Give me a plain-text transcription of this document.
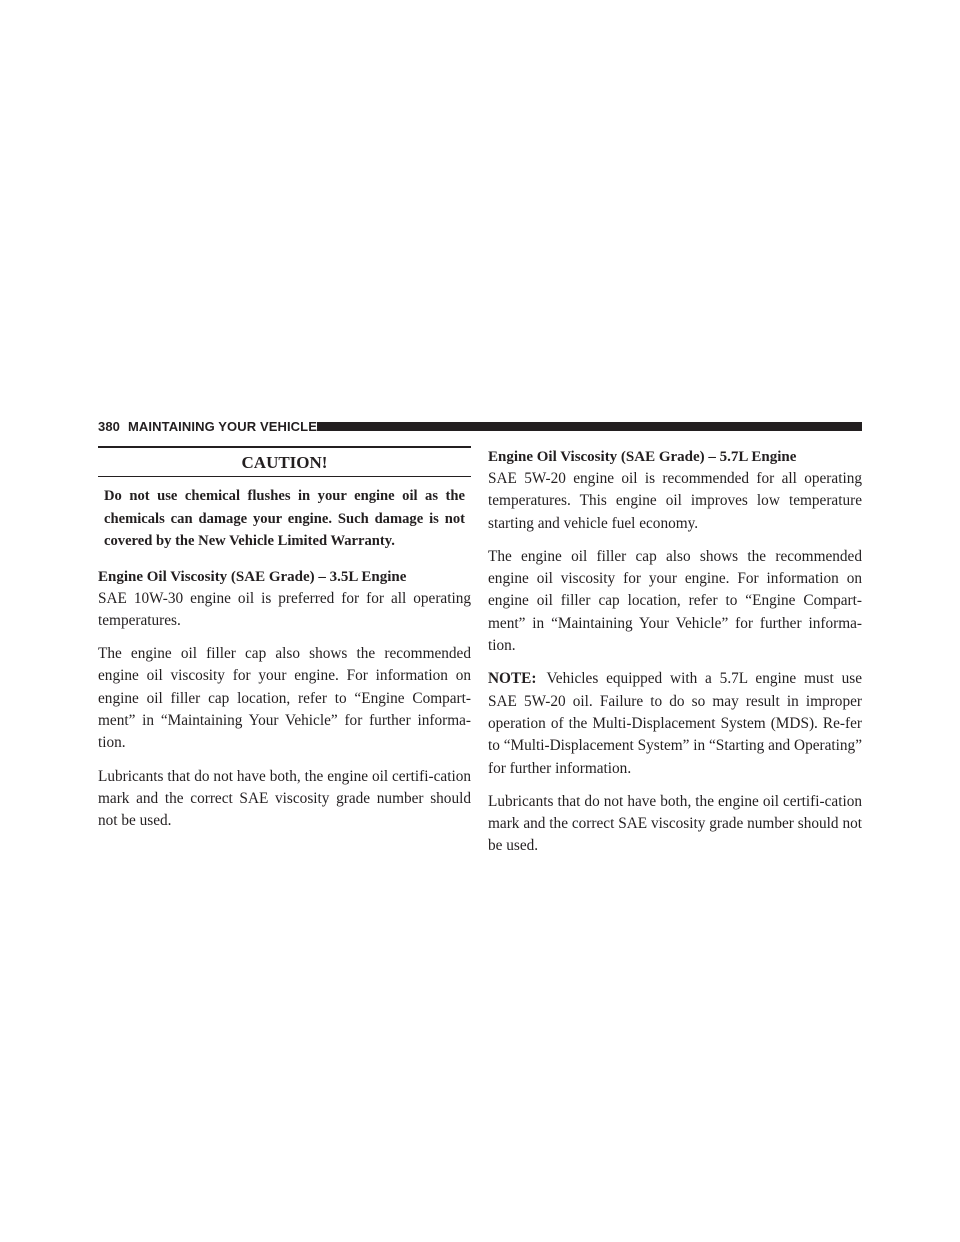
380 MAINTAINING YOUR VEHICLE
CAUTION!
Do not use chemical flushes in your engine oil as the chemicals can damage your engine. Such damage is not covered by the New Vehicle Limited Warranty.
Engine Oil Viscosity (SAE Grade) – 3.5L Engine

SAE 10W-30 engine oil is preferred for for all operating temperatures.

The engine oil filler cap also shows the recommended engine oil viscosity for your engine. For information on engine oil filler cap location, refer to “Engine Compart-ment” in “Maintaining Your Vehicle” for further informa-tion.

Lubricants that do not have both, the engine oil certifi-cation mark and the correct SAE viscosity grade number should not be used.

Engine Oil Viscosity (SAE Grade) – 5.7L Engine

SAE 5W-20 engine oil is recommended for all operating temperatures. This engine oil improves low temperature starting and vehicle fuel economy.

The engine oil filler cap also shows the recommended engine oil viscosity for your engine. For information on engine oil filler cap location, refer to “Engine Compart-ment” in “Maintaining Your Vehicle” for further informa-tion.

NOTE: Vehicles equipped with a 5.7L engine must use SAE 5W-20 oil. Failure to do so may result in improper operation of the Multi-Displacement System (MDS). Re-fer to “Multi-Displacement System” in “Starting and Operating” for further information.

Lubricants that do not have both, the engine oil certifi-cation mark and the correct SAE viscosity grade number should not be used.
